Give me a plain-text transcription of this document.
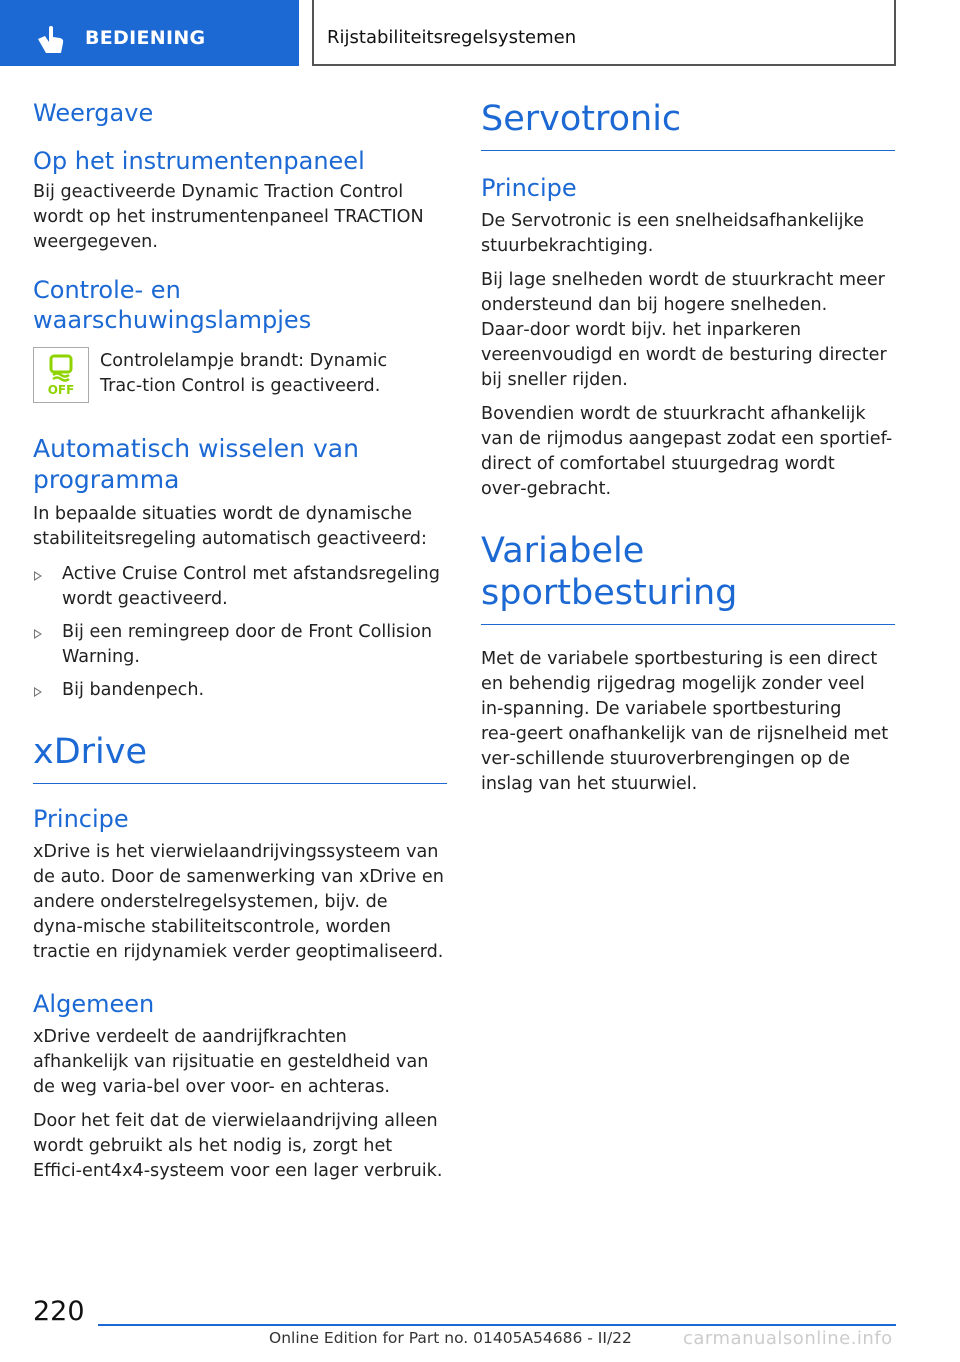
BEDIENING	Rijstabiliteitsregelsystemen
Weergave
Op het instrumentenpaneel

Bij geactiveerde Dynamic Traction Control wordt op het instrumentenpaneel TRACTION weergegeven.

Controle- en waarschuwingslampjes
OFF

Controlelampje brandt: Dynamic Trac‑tion Control is geactiveerd.

Automatisch wisselen van programma

In bepaalde situaties wordt de dynamische stabiliteitsregeling automatisch geactiveerd:

Active Cruise Control met afstandsregeling wordt geactiveerd.
Bij een remingreep door de Front Collision Warning.
Bij bandenpech.
xDrive
Principe

xDrive is het vierwielaandrijvingssysteem van de auto. Door de samenwerking van xDrive en andere onderstelregelsystemen, bijv. de dyna‑mische stabiliteitscontrole, worden tractie en rijdynamiek verder geoptimaliseerd.

Algemeen

xDrive verdeelt de aandrijfkrachten afhankelijk van rijsituatie en gesteldheid van de weg varia‑bel over voor- en achteras.

Door het feit dat de vierwielaandrijving alleen wordt gebruikt als het nodig is, zorgt het Effici‑ent4x4-systeem voor een lager verbruik.

Servotronic
Principe

De Servotronic is een snelheidsafhankelijke stuurbekrachtiging.

Bij lage snelheden wordt de stuurkracht meer ondersteund dan bij hogere snelheden. Daar‑door wordt bijv. het inparkeren vereenvoudigd en wordt de besturing directer bij sneller rijden.

Bovendien wordt de stuurkracht afhankelijk van de rijmodus aangepast zodat een sportief-direct of comfortabel stuurgedrag wordt over‑gebracht.

Variabele sportbesturing

Met de variabele sportbesturing is een direct en behendig rijgedrag mogelijk zonder veel in‑spanning. De variabele sportbesturing rea‑geert onafhankelijk van de rijsnelheid met ver‑schillende stuuroverbrengingen op de inslag van het stuurwiel.

220
Online Edition for Part no. 01405A54686 - II/22	carmanualsonline.info
